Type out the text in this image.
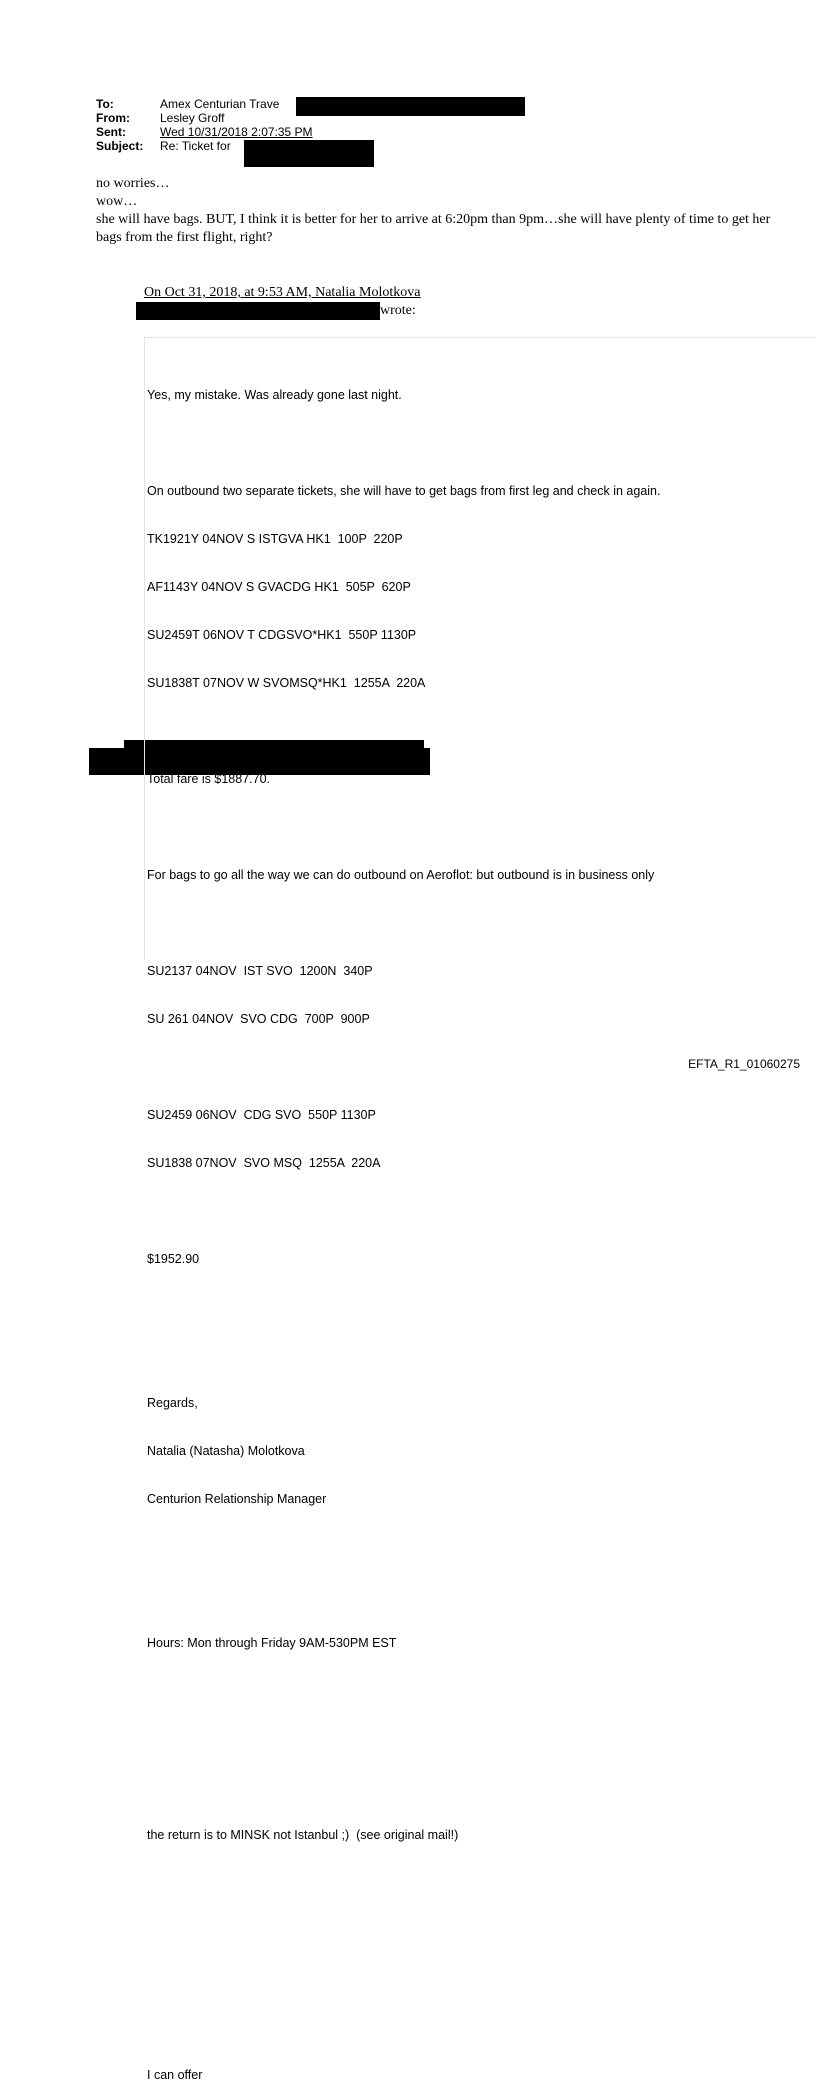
To:	Amex Centurian Trave
From:	Lesley Groff
Sent:	Wed 10/31/2018 2:07:35 PM
Subject:	Re: Ticket for

no worries…

wow…

she will have bags. BUT, I think it is better for her to arrive at 6:20pm than 9pm…she will have plenty of time to get her bags from the first flight, right?

On Oct 31, 2018, at 9:53 AM, Natalia Molotkova
wrote:

Yes, my mistake. Was already gone last night.

On outbound two separate tickets, she will have to get bags from first leg and check in again.

TK1921Y 04NOV S ISTGVA HK1  100P  220P

AF1143Y 04NOV S GVACDG HK1  505P  620P

SU2459T 06NOV T CDGSVO*HK1  550P 1130P

SU1838T 07NOV W SVOMSQ*HK1  1255A  220A

Total fare is $1887.70.

For bags to go all the way we can do outbound on Aeroflot: but outbound is in business only

SU2137 04NOV  IST SVO  1200N  340P

SU 261 04NOV  SVO CDG  700P  900P

SU2459 06NOV  CDG SVO  550P 1130P

SU1838 07NOV  SVO MSQ  1255A  220A

$1952.90

Regards,

Natalia (Natasha) Molotkova

Centurion Relationship Manager

Hours: Mon through Friday 9AM-530PM EST

the return is to MINSK not Istanbul ;)  (see original mail!)

I can offer

EFTA_R1_01060275
